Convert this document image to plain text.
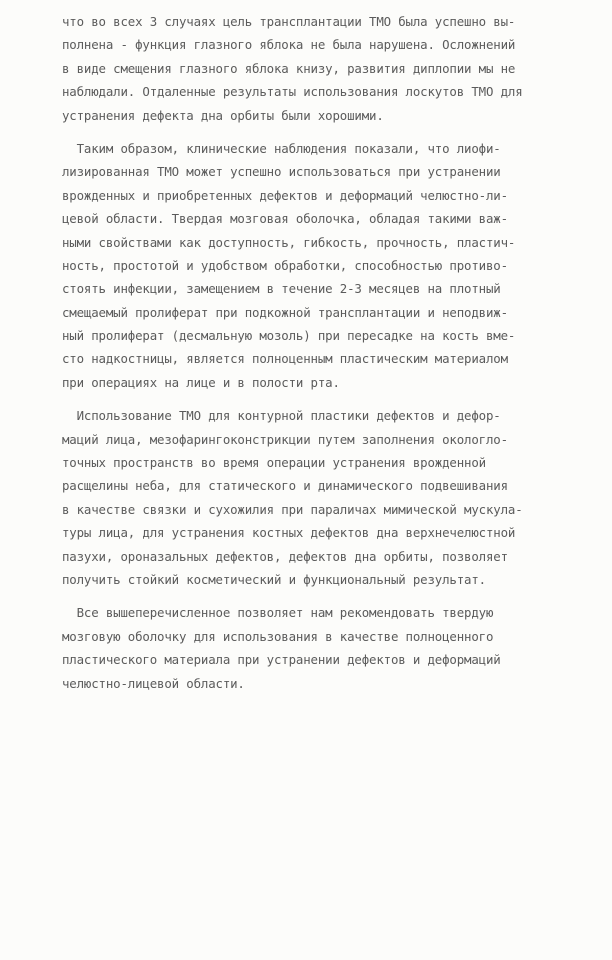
что во всех 3 случаях цель трансплантации ТМО была успешно вы-
полнена - функция глазного яблока не была нарушена. Осложнений
в виде смещения глазного яблока книзу, развития диплопии мы не
наблюдали. Отдаленные результаты использования лоскутов ТМО для
устранения дефекта дна орбиты были хорошими.
Таким образом, клинические наблюдения показали, что лиофи-
лизированная ТМО может успешно использоваться при устранении
врожденных и приобретенных дефектов и деформаций челюстно-ли-
цевой области. Твердая мозговая оболочка, обладая такими важ-
ными свойствами как доступность, гибкость, прочность, пластич-
ность, простотой и удобством обработки, способностью противо-
стоять инфекции, замещением в течение 2-3 месяцев на плотный
смещаемый пролиферат при подкожной трансплантации и неподвиж-
ный пролиферат (десмальную мозоль) при пересадке на кость вме-
сто надкостницы, является полноценным пластическим материалом
при операциях на лице и в полости рта.
Использование ТМО для контурной пластики дефектов и дефор-
маций лица, мезофарингоконстрикции путем заполнения окологло-
точных пространств во время операции устранения врожденной
расщелины неба, для статического и динамического подвешивания
в качестве связки и сухожилия при параличах мимической мускула-
туры лица, для устранения костных дефектов дна верхнечелюстной
пазухи, ороназальных дефектов, дефектов дна орбиты, позволяет
получить стойкий косметический и функциональный результат.
Все вышеперечисленное позволяет нам рекомендовать твердую
мозговую оболочку для использования в качестве полноценного
пластического материала при устранении дефектов и деформаций
челюстно-лицевой области.
